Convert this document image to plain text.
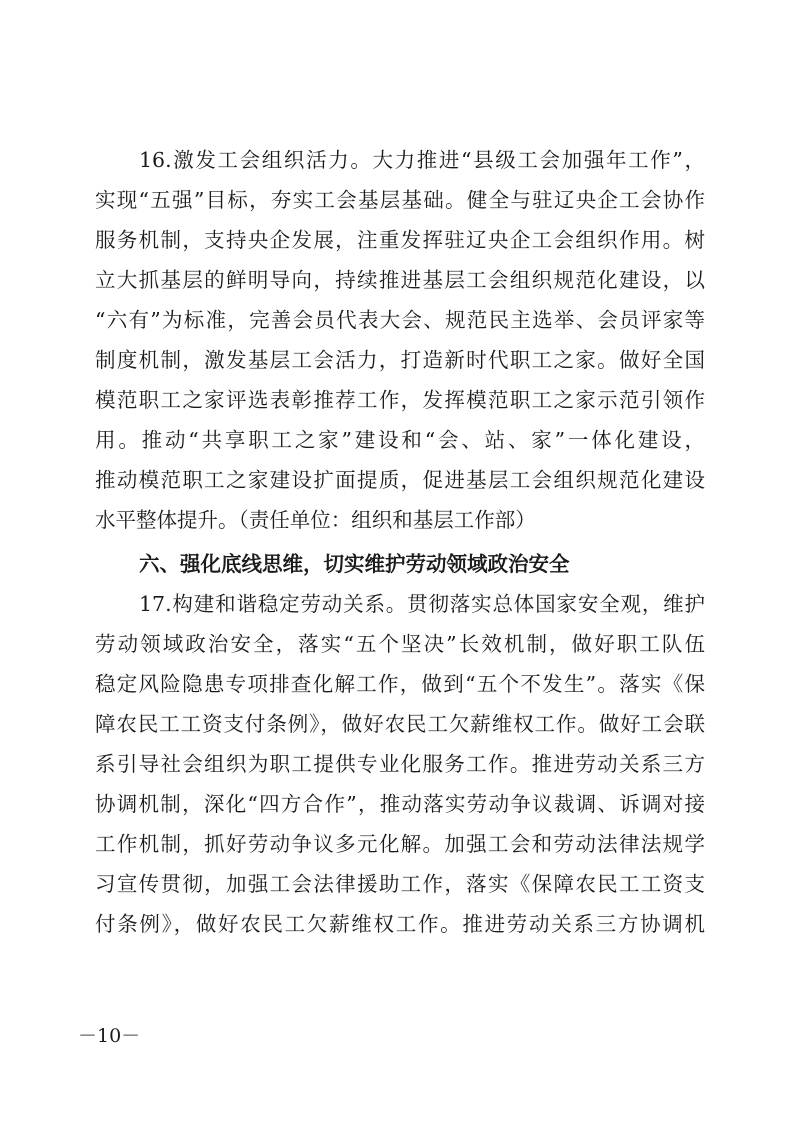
16.激发工会组织活力。大力推进“县级工会加强年工作”，
实现“五强”目标，夯实工会基层基础。健全与驻辽央企工会协作
服务机制，支持央企发展，注重发挥驻辽央企工会组织作用。树
立大抓基层的鲜明导向，持续推进基层工会组织规范化建设，以
“六有”为标准，完善会员代表大会、规范民主选举、会员评家等
制度机制，激发基层工会活力，打造新时代职工之家。做好全国
模范职工之家评选表彰推荐工作，发挥模范职工之家示范引领作
用。推动“共享职工之家”建设和“会、站、家”一体化建设，
推动模范职工之家建设扩面提质，促进基层工会组织规范化建设
水平整体提升。（责任单位：组织和基层工作部）
六、强化底线思维，切实维护劳动领域政治安全
17.构建和谐稳定劳动关系。贯彻落实总体国家安全观，维护
劳动领域政治安全，落实“五个坚决”长效机制，做好职工队伍
稳定风险隐患专项排查化解工作，做到“五个不发生”。落实《保
障农民工工资支付条例》，做好农民工欠薪维权工作。做好工会联
系引导社会组织为职工提供专业化服务工作。推进劳动关系三方
协调机制，深化“四方合作”，推动落实劳动争议裁调、诉调对接
工作机制，抓好劳动争议多元化解。加强工会和劳动法律法规学
习宣传贯彻，加强工会法律援助工作，落实《保障农民工工资支
付条例》，做好农民工欠薪维权工作。推进劳动关系三方协调机
－10－
